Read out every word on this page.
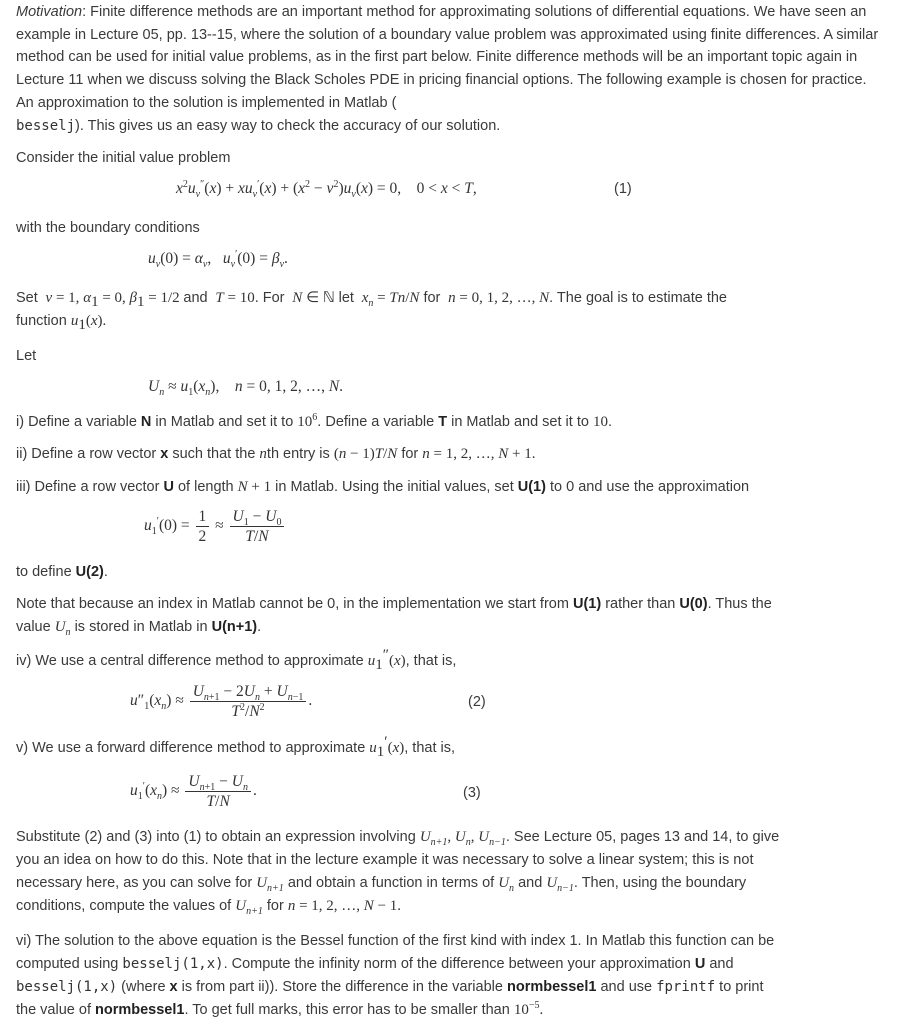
Motivation: Finite difference methods are an important method for approximating solutions of differential equations. We have seen an example in Lecture 05, pp. 13--15, where the solution of a boundary value problem was approximated using finite differences. A similar method can be used for initial value problems, as in the first part below. Finite difference methods will be an important topic again in Lecture 11 when we discuss solving the Black Scholes PDE in pricing financial options. The following example is chosen for practice. An approximation to the solution is implemented in Matlab (
besselj). This gives us an easy way to check the accuracy of our solution.

Consider the initial value problem
$x^2u_\nu''(x) + xu_\nu'(x) + (x^2 - \nu^2)u_\nu(x) = 0$,    0 < x < T,	(1)
with the boundary conditions
$u_\nu(0) = \alpha_\nu$,   $u_\nu'(0) = \beta_\nu$.
Set  ν = 1, $\alpha_1 = 0$, $\beta_1 = 1/2$ and  T = 10. For  N ∈ ℕ let  $x_n = Tn/N$ for  n = 0, 1, 2, …, N. The goal is to estimate the
function $u_1(x)$.
Let
$U_n \approx u_1(x_n)$,    n = 0, 1, 2, …, N.
i) Define a variable N in Matlab and set it to $10^6$. Define a variable T in Matlab and set it to 10.
ii) Define a row vector x such that the nth entry is (n − 1)T/N for n = 1, 2, …, N + 1.
iii) Define a row vector U of length N + 1 in Matlab. Using the initial values, set U(1) to 0 and use the approximation
$u_1'(0) = \frac{1}{2} \approx \frac{U_1 - U_0}{T/N}$
to define U(2).
Note that because an index in Matlab cannot be 0, in the implementation we start from U(1) rather than U(0). Thus the
value $U_n$ is stored in Matlab in U(n+1).
iv) We use a central difference method to approximate $u_1''(x)$, that is,
$u''_1(x_n) \approx \frac{U_{n+1} - 2U_n + U_{n-1}}{T^2/N^2}$ .	(2)
v) We use a forward difference method to approximate $u_1'(x)$, that is,
$u_1'(x_n) \approx \frac{U_{n+1} - U_n}{T/N}$ .	(3)
Substitute (2) and (3) into (1) to obtain an expression involving $U_{n+1}$, $U_n$, $U_{n-1}$. See Lecture 05, pages 13 and 14, to give
you an idea on how to do this. Note that in the lecture example it was necessary to solve a linear system; this is not
necessary here, as you can solve for $U_{n+1}$ and obtain a function in terms of $U_n$ and $U_{n-1}$. Then, using the boundary
conditions, compute the values of $U_{n+1}$ for n = 1, 2, …, N − 1.
vi) The solution to the above equation is the Bessel function of the first kind with index 1. In Matlab this function can be
computed using besselj(1,x). Compute the infinity norm of the difference between your approximation U and
besselj(1,x) (where x is from part ii)). Store the difference in the variable normbessel1 and use fprintf to print
the value of normbessel1. To get full marks, this error has to be smaller than $10^{-5}$.
